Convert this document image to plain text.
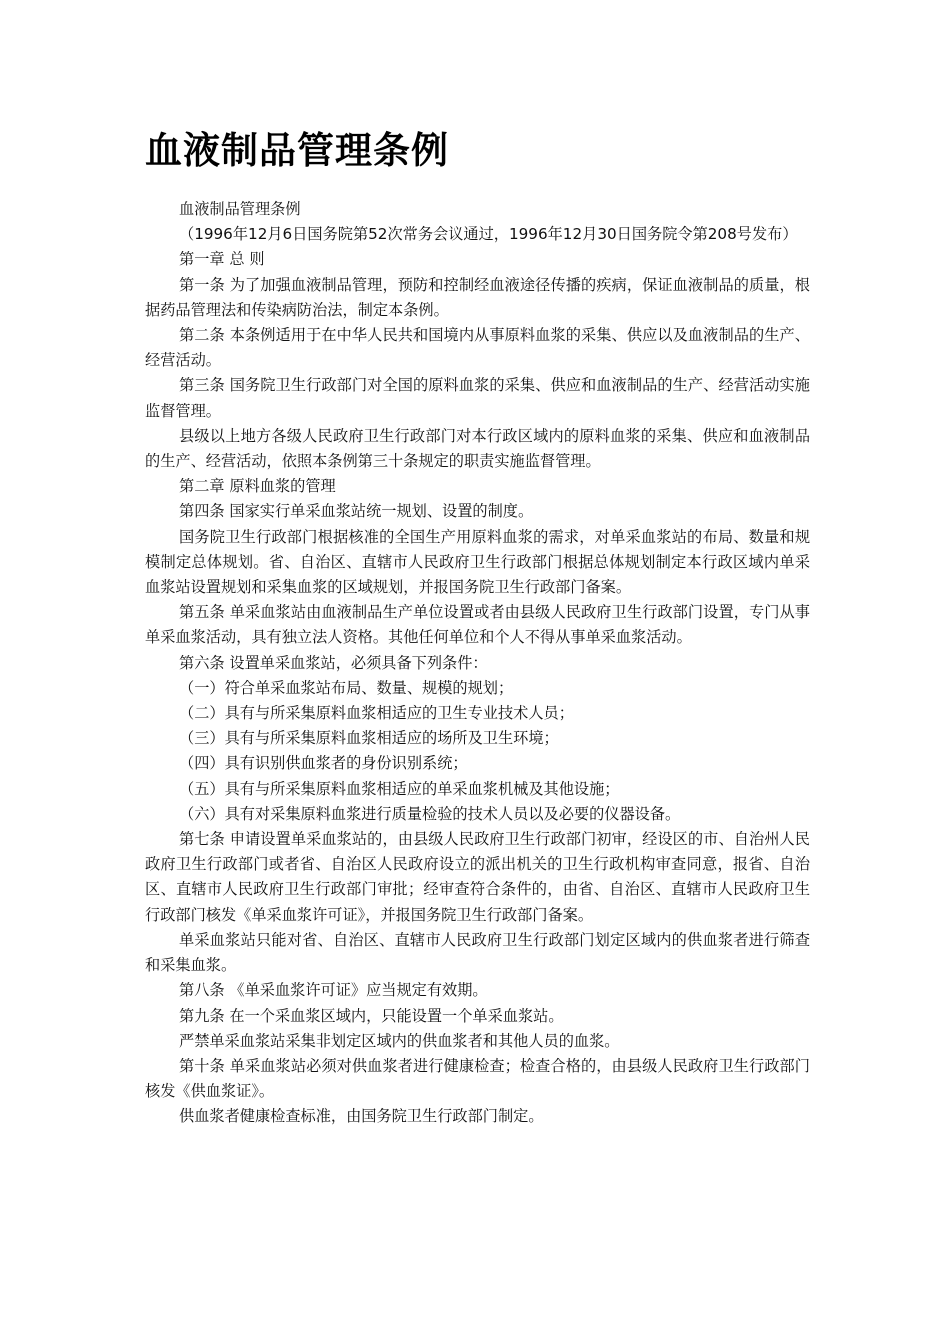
血液制品管理条例

血液制品管理条例

（1996年12月6日国务院第52次常务会议通过，1996年12月30日国务院令第208号发布）

第一章 总 则

第一条 为了加强血液制品管理，预防和控制经血液途径传播的疾病，保证血液制品的质量，根据药品管理法和传染病防治法，制定本条例。

第二条 本条例适用于在中华人民共和国境内从事原料血浆的采集、供应以及血液制品的生产、经营活动。

第三条 国务院卫生行政部门对全国的原料血浆的采集、供应和血液制品的生产、经营活动实施监督管理。

县级以上地方各级人民政府卫生行政部门对本行政区域内的原料血浆的采集、供应和血液制品的生产、经营活动，依照本条例第三十条规定的职责实施监督管理。

第二章 原料血浆的管理

第四条 国家实行单采血浆站统一规划、设置的制度。

国务院卫生行政部门根据核准的全国生产用原料血浆的需求，对单采血浆站的布局、数量和规模制定总体规划。省、自治区、直辖市人民政府卫生行政部门根据总体规划制定本行政区域内单采血浆站设置规划和采集血浆的区域规划，并报国务院卫生行政部门备案。

第五条 单采血浆站由血液制品生产单位设置或者由县级人民政府卫生行政部门设置，专门从事单采血浆活动，具有独立法人资格。其他任何单位和个人不得从事单采血浆活动。

第六条 设置单采血浆站，必须具备下列条件：

（一）符合单采血浆站布局、数量、规模的规划；

（二）具有与所采集原料血浆相适应的卫生专业技术人员；

（三）具有与所采集原料血浆相适应的场所及卫生环境；

（四）具有识别供血浆者的身份识别系统；

（五）具有与所采集原料血浆相适应的单采血浆机械及其他设施；

（六）具有对采集原料血浆进行质量检验的技术人员以及必要的仪器设备。

第七条 申请设置单采血浆站的，由县级人民政府卫生行政部门初审，经设区的市、自治州人民政府卫生行政部门或者省、自治区人民政府设立的派出机关的卫生行政机构审查同意，报省、自治区、直辖市人民政府卫生行政部门审批；经审查符合条件的，由省、自治区、直辖市人民政府卫生行政部门核发《单采血浆许可证》，并报国务院卫生行政部门备案。

单采血浆站只能对省、自治区、直辖市人民政府卫生行政部门划定区域内的供血浆者进行筛查和采集血浆。

第八条 《单采血浆许可证》应当规定有效期。

第九条 在一个采血浆区域内，只能设置一个单采血浆站。

严禁单采血浆站采集非划定区域内的供血浆者和其他人员的血浆。

第十条 单采血浆站必须对供血浆者进行健康检查；检查合格的，由县级人民政府卫生行政部门核发《供血浆证》。

供血浆者健康检查标准，由国务院卫生行政部门制定。
